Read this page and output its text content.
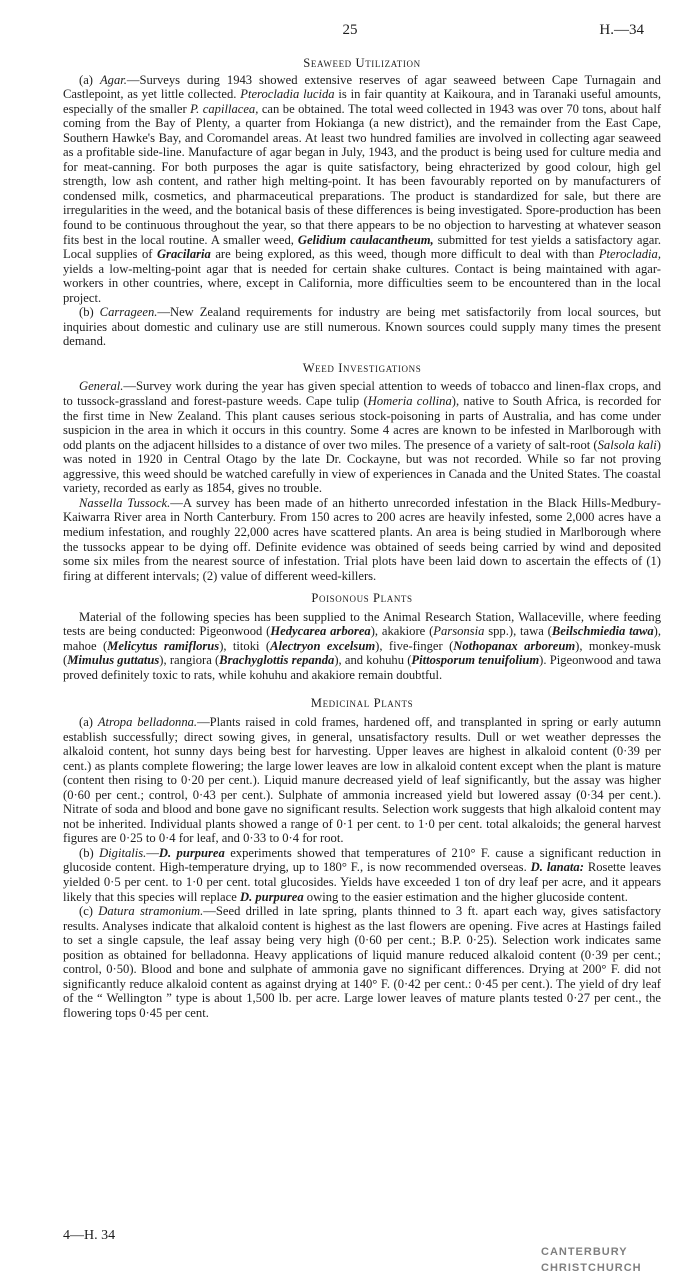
25	H.—34
Seaweed Utilization

(a) Agar.—Surveys during 1943 showed extensive reserves of agar seaweed between Cape Turnagain and Castlepoint, as yet little collected. Pterocladia lucida is in fair quantity at Kaikoura, and in Taranaki useful amounts, especially of the smaller P. capillacea, can be obtained. The total weed collected in 1943 was over 70 tons, about half coming from the Bay of Plenty, a quarter from Hokianga (a new district), and the remainder from the East Cape, Southern Hawke's Bay, and Coromandel areas. At least two hundred families are involved in collecting agar seaweed as a profitable side-line. Manufacture of agar began in July, 1943, and the product is being used for culture media and for meat-canning. For both purposes the agar is quite satisfactory, being ehracterized by good colour, high gel strength, low ash content, and rather high melting-point. It has been favourably reported on by manufacturers of condensed milk, cosmetics, and pharmaceutical preparations. The product is standardized for sale, but there are irregularities in the weed, and the botanical basis of these differences is being investigated. Spore-production has been found to be continuous throughout the year, so that there appears to be no objection to harvesting at whatever season fits best in the local routine. A smaller weed, Gelidium caulacantheum, submitted for test yields a satisfactory agar. Local supplies of Gracilaria are being explored, as this weed, though more difficult to deal with than Pterocladia, yields a low-melting-point agar that is needed for certain shake cultures. Contact is being maintained with agar-workers in other countries, where, except in California, more difficulties seem to be encountered than in the local project.

(b) Carrageen.—New Zealand requirements for industry are being met satisfactorily from local sources, but inquiries about domestic and culinary use are still numerous. Known sources could supply many times the present demand.

Weed Investigations

General.—Survey work during the year has given special attention to weeds of tobacco and linen-flax crops, and to tussock-grassland and forest-pasture weeds. Cape tulip (Homeria collina), native to South Africa, is recorded for the first time in New Zealand. This plant causes serious stock-poisoning in parts of Australia, and has come under suspicion in the area in which it occurs in this country. Some 4 acres are known to be infested in Marlborough with odd plants on the adjacent hillsides to a distance of over two miles. The presence of a variety of salt-root (Salsola kali) was noted in 1920 in Central Otago by the late Dr. Cockayne, but was not recorded. While so far not proving aggressive, this weed should be watched carefully in view of experiences in Canada and the United States. The coastal variety, recorded as early as 1854, gives no trouble.

Nassella Tussock.—A survey has been made of an hitherto unrecorded infestation in the Black Hills-Medbury-Kaiwarra River area in North Canterbury. From 150 acres to 200 acres are heavily infested, some 2,000 acres have a medium infestation, and roughly 22,000 acres have scattered plants. An area is being studied in Marlborough where the tussocks appear to be dying off. Definite evidence was obtained of seeds being carried by wind and deposited some six miles from the nearest source of infestation. Trial plots have been laid down to ascertain the effects of (1) firing at different intervals; (2) value of different weed-killers.

Poisonous Plants

Material of the following species has been supplied to the Animal Research Station, Wallaceville, where feeding tests are being conducted: Pigeonwood (Hedycarea arborea), akakiore (Parsonsia spp.), tawa (Beilschmiedia tawa), mahoe (Melicytus ramiflorus), titoki (Alectryon excelsum), five-finger (Nothopanax arboreum), monkey-musk (Mimulus guttatus), rangiora (Brachyglottis repanda), and kohuhu (Pittosporum tenuifolium). Pigeonwood and tawa proved definitely toxic to rats, while kohuhu and akakiore remain doubtful.

Medicinal Plants

(a) Atropa belladonna.—Plants raised in cold frames, hardened off, and transplanted in spring or early autumn establish successfully; direct sowing gives, in general, unsatisfactory results. Dull or wet weather depresses the alkaloid content, hot sunny days being best for harvesting. Upper leaves are highest in alkaloid content (0·39 per cent.) as plants complete flowering; the large lower leaves are low in alkaloid content except when the plant is mature (content then rising to 0·20 per cent.). Liquid manure decreased yield of leaf significantly, but the assay was higher (0·60 per cent.; control, 0·43 per cent.). Sulphate of ammonia increased yield but lowered assay (0·34 per cent.). Nitrate of soda and blood and bone gave no significant results. Selection work suggests that high alkaloid content may not be inherited. Individual plants showed a range of 0·1 per cent. to 1·0 per cent. total alkaloids; the general harvest figures are 0·25 to 0·4 for leaf, and 0·33 to 0·4 for root.

(b) Digitalis.—D. purpurea experiments showed that temperatures of 210° F. cause a significant reduction in glucoside content. High-temperature drying, up to 180° F., is now recommended overseas. D. lanata: Rosette leaves yielded 0·5 per cent. to 1·0 per cent. total glucosides. Yields have exceeded 1 ton of dry leaf per acre, and it appears likely that this species will replace D. purpurea owing to the easier estimation and the higher glucoside content.

(c) Datura stramonium.—Seed drilled in late spring, plants thinned to 3 ft. apart each way, gives satisfactory results. Analyses indicate that alkaloid content is highest as the last flowers are opening. Five acres at Hastings failed to set a single capsule, the leaf assay being very high (0·60 per cent.; B.P. 0·25). Selection work indicates same position as obtained for belladonna. Heavy applications of liquid manure reduced alkaloid content (0·39 per cent.; control, 0·50). Blood and bone and sulphate of ammonia gave no significant differences. Drying at 200° F. did not significantly reduce alkaloid content as against drying at 140° F. (0·42 per cent.: 0·45 per cent.). The yield of dry leaf of the “ Wellington ” type is about 1,500 lb. per acre. Large lower leaves of mature plants tested 0·27 per cent., the flowering tops 0·45 per cent.

4—H. 34
CANTERBURY
CHRISTCHURCH
